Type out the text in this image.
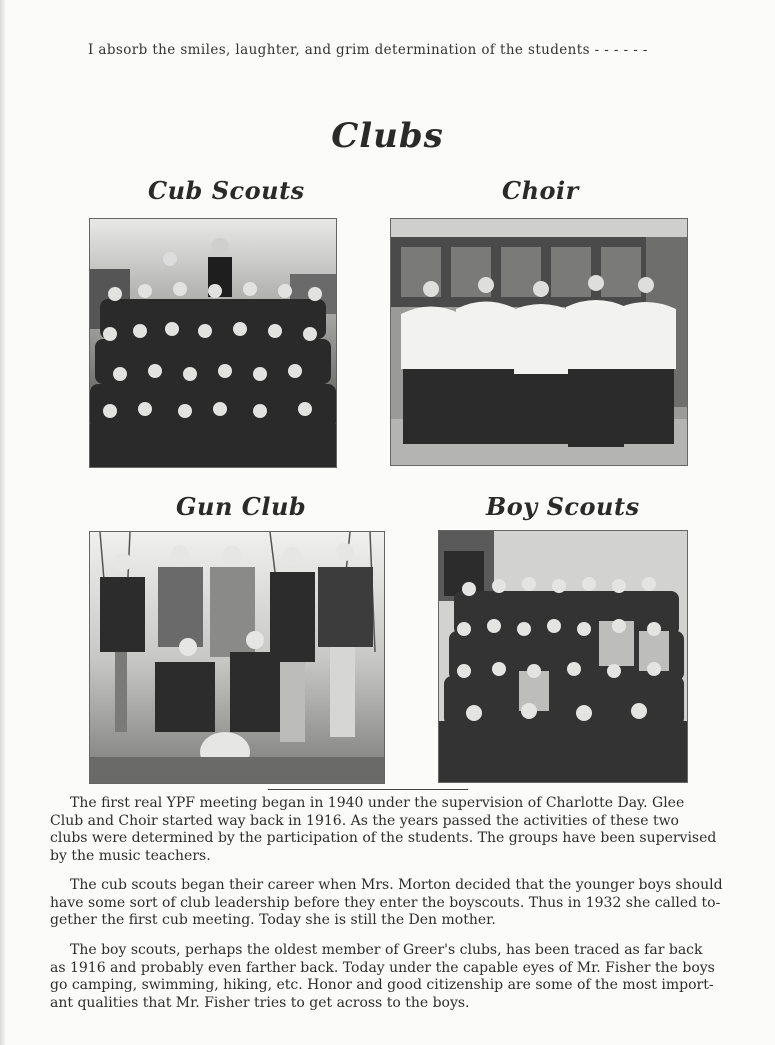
I absorb the smiles, laughter, and grim determination of the students - - - - - -
Clubs
Cub Scouts	Choir
Gun Club	Boy Scouts
The first real YPF meeting began in 1940 under the supervision of Charlotte Day. Glee
Club and Choir started way back in 1916. As the years passed the activities of these two
clubs were determined by the participation of the students. The groups have been supervised
by the music teachers.
The cub scouts began their career when Mrs. Morton decided that the younger boys should
have some sort of club leadership before they enter the boyscouts. Thus in 1932 she called to-
gether the first cub meeting. Today she is still the Den mother.
The boy scouts, perhaps the oldest member of Greer's clubs, has been traced as far back
as 1916 and probably even farther back. Today under the capable eyes of Mr. Fisher the boys
go camping, swimming, hiking, etc. Honor and good citizenship are some of the most import-
ant qualities that Mr. Fisher tries to get across to the boys.
